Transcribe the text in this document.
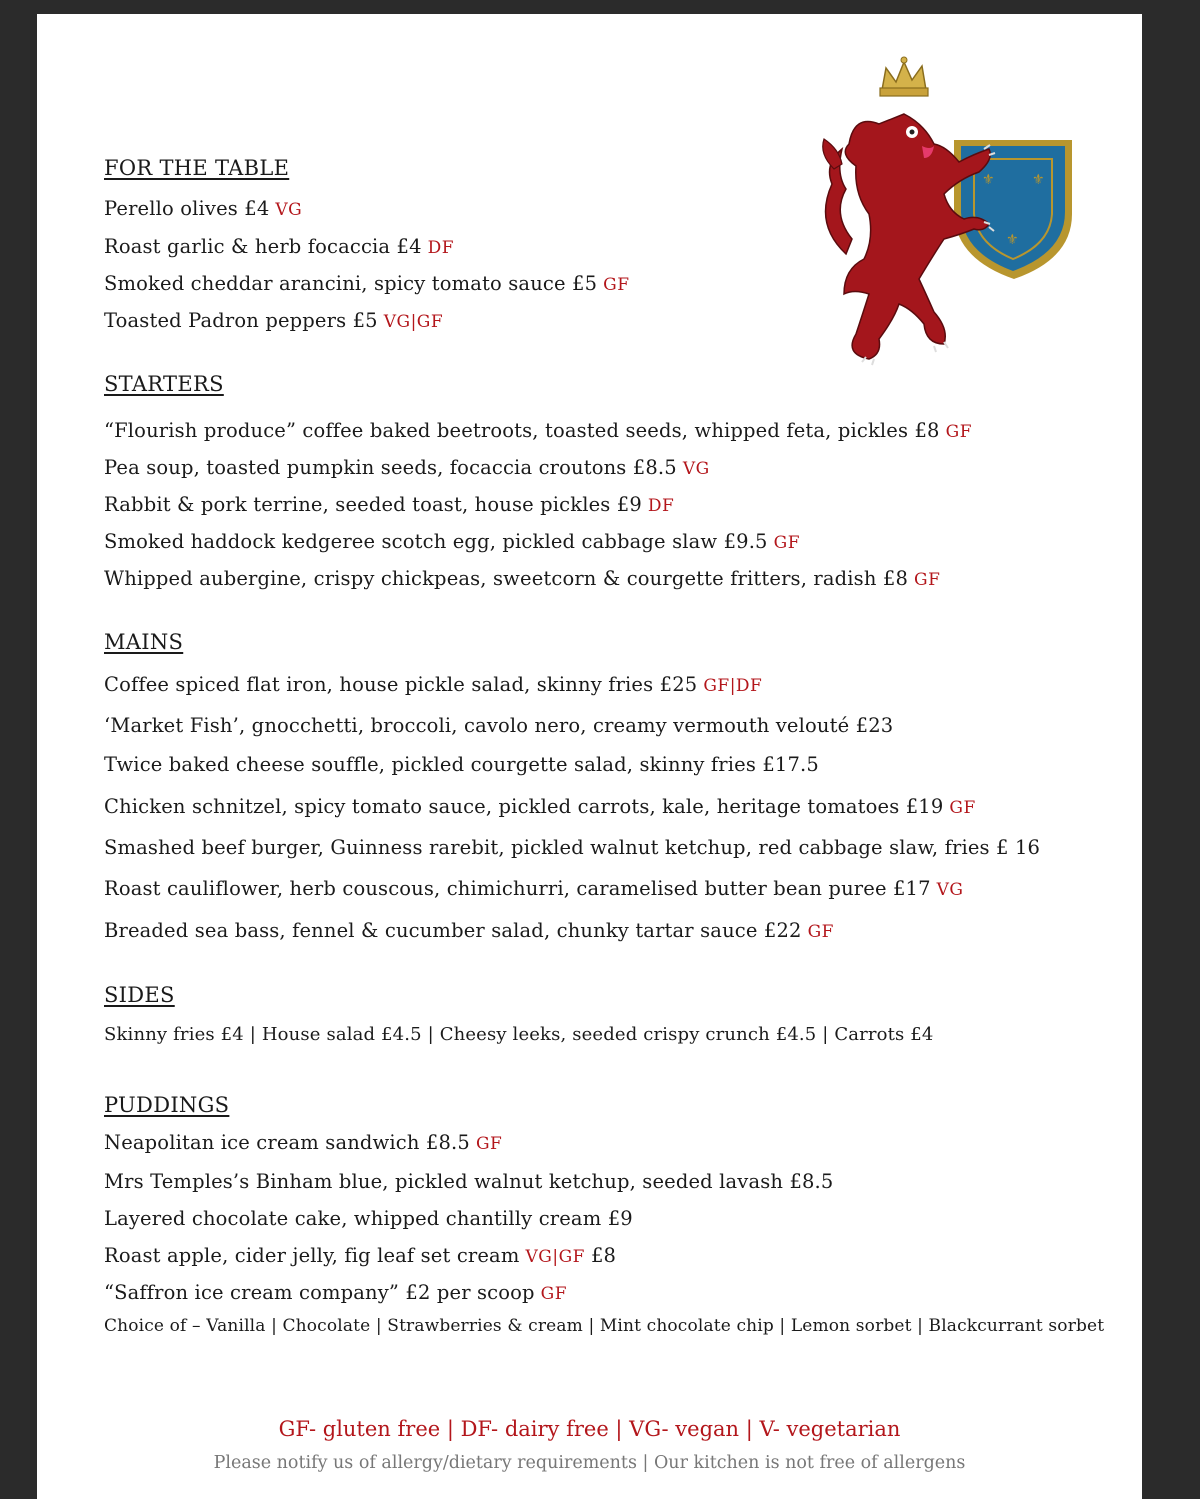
⚜	⚜
⚜
FOR THE TABLE
Perello olives £4 VG
Roast garlic & herb focaccia £4 DF
Smoked cheddar arancini, spicy tomato sauce £5 GF
Toasted Padron peppers £5 VG|GF
STARTERS
“Flourish produce” coffee baked beetroots, toasted seeds, whipped feta, pickles £8 GF
Pea soup, toasted pumpkin seeds, focaccia croutons £8.5 VG
Rabbit & pork terrine, seeded toast, house pickles £9 DF
Smoked haddock kedgeree scotch egg, pickled cabbage slaw £9.5 GF
Whipped aubergine, crispy chickpeas, sweetcorn & courgette fritters, radish £8 GF
MAINS
Coffee spiced flat iron, house pickle salad, skinny fries £25 GF|DF
‘Market Fish’, gnocchetti, broccoli, cavolo nero, creamy vermouth velouté £23
Twice baked cheese souffle, pickled courgette salad, skinny fries £17.5
Chicken schnitzel, spicy tomato sauce, pickled carrots, kale, heritage tomatoes £19 GF
Smashed beef burger, Guinness rarebit, pickled walnut ketchup, red cabbage slaw, fries £ 16
Roast cauliflower, herb couscous, chimichurri, caramelised butter bean puree £17 VG
Breaded sea bass, fennel & cucumber salad, chunky tartar sauce £22 GF
SIDES
Skinny fries £4 | House salad £4.5 | Cheesy leeks, seeded crispy crunch £4.5 | Carrots £4
PUDDINGS
Neapolitan ice cream sandwich £8.5 GF
Mrs Temples’s Binham blue, pickled walnut ketchup, seeded lavash £8.5
Layered chocolate cake, whipped chantilly cream £9
Roast apple, cider jelly, fig leaf set cream VG|GF £8
“Saffron ice cream company” £2 per scoop GF
Choice of – Vanilla | Chocolate | Strawberries & cream | Mint chocolate chip | Lemon sorbet | Blackcurrant sorbet
GF- gluten free | DF- dairy free | VG- vegan | V- vegetarian
Please notify us of allergy/dietary requirements | Our kitchen is not free of allergens
